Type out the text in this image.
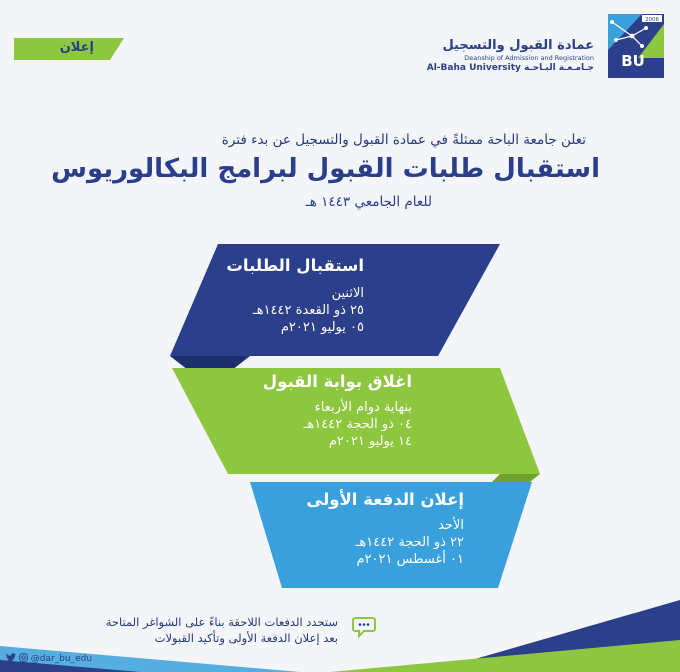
إعلان
2006
BU
عمادة القبول والتسجيل
Deanship of Admission and Registration
Al-Baha University جـامـعـة البـاحـة
تعلن جامعة الباحة ممثلةً في عمادة القبول والتسجيل عن بدء فترة
استقبال طلبات القبول لبرامج البكالوريوس
للعام الجامعي ١٤٤٣ هـ
استقبال الطلبات
الاثنين
٢٥ ذو القعدة ١٤٤٢هـ
٠٥ يوليو ٢٠٢١م
اغلاق بوابة القبول
بنهاية دوام الأربعاء
٠٤ ذو الحجة ١٤٤٢هـ
١٤ يوليو ٢٠٢١م
إعلان الدفعة الأولى
الأحد
٢٢ ذو الحجة ١٤٤٢هـ
٠١ أغسطس ٢٠٢١م
ستحدد الدفعات اللاحقة بناءً على الشواغر المتاحة
بعد إعلان الدفعة الأولى وتأكيد القبولات
@dar_bu_edu
